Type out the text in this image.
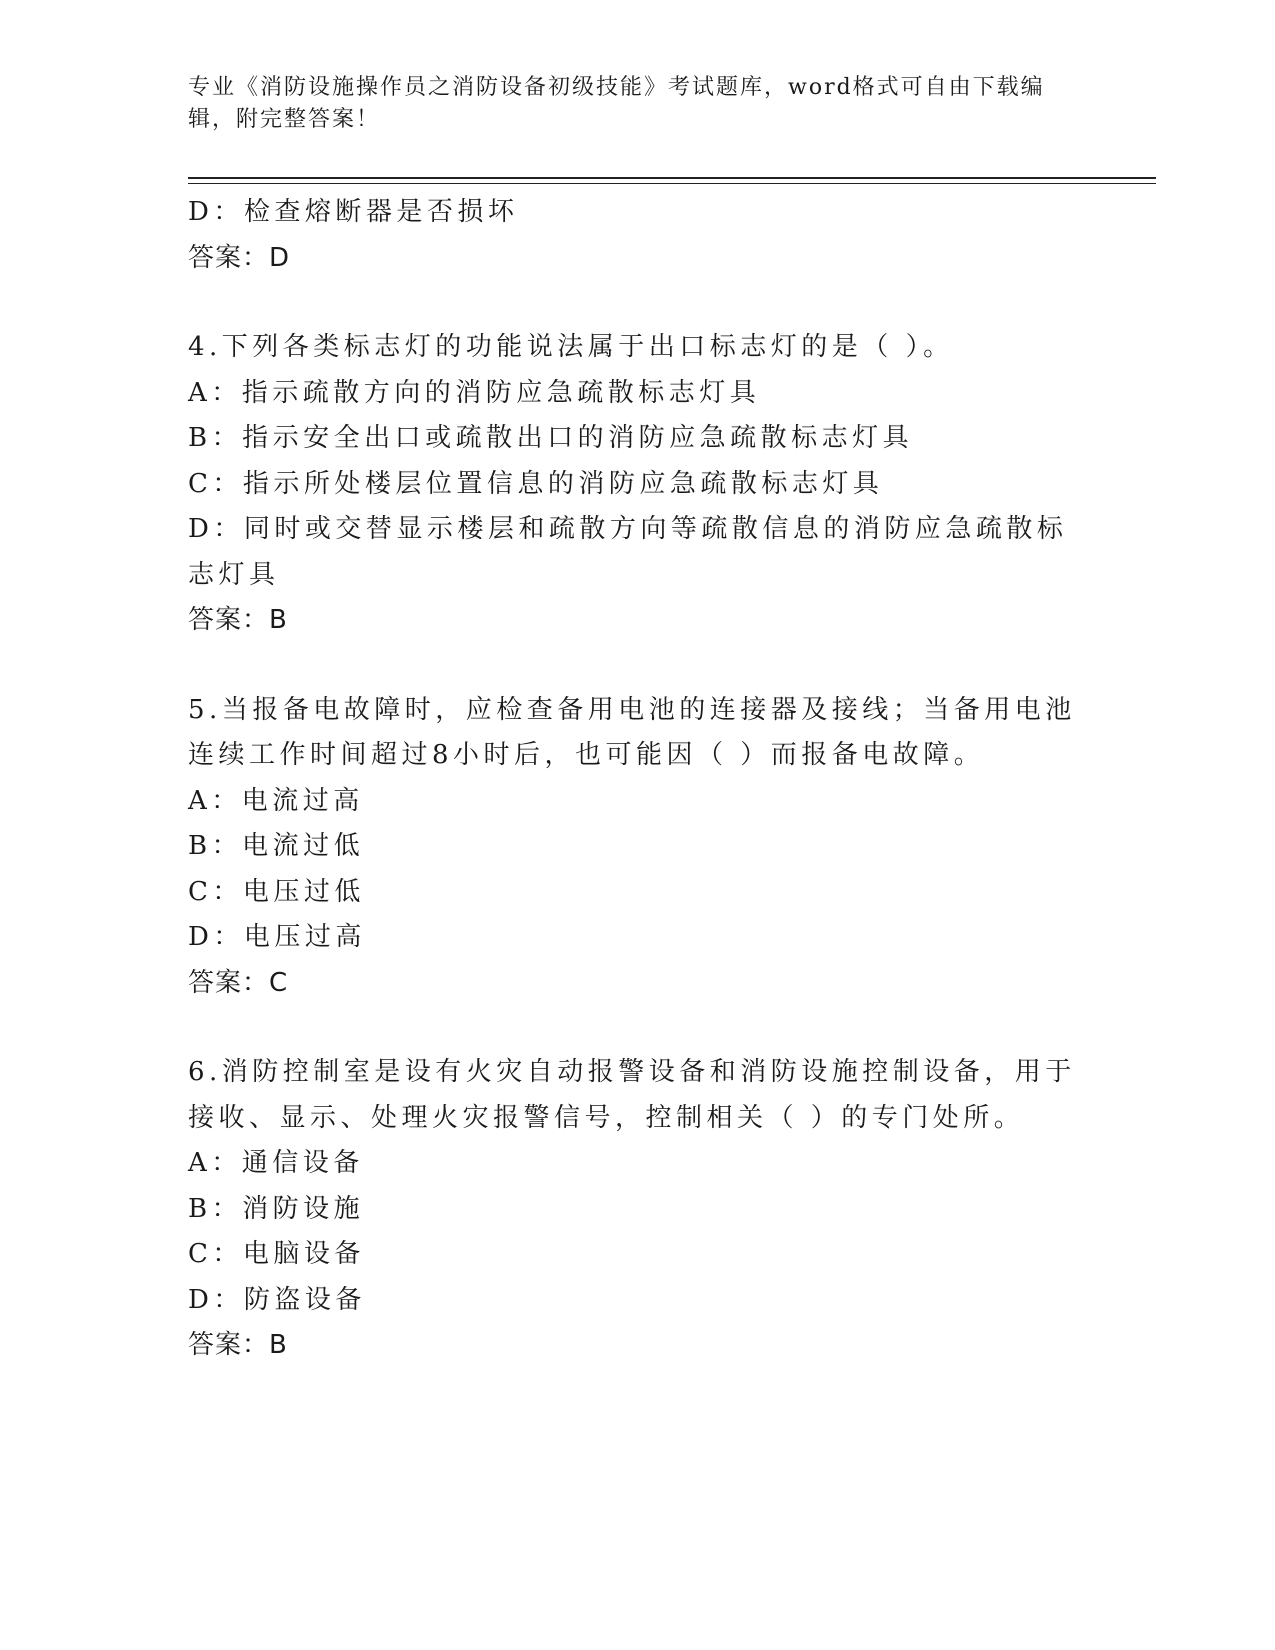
专业《消防设施操作员之消防设备初级技能》考试题库，word格式可自由下载编辑，附完整答案！

D：检查熔断器是否损坏

答案：D

4.下列各类标志灯的功能说法属于出口标志灯的是（ ）。

A：指示疏散方向的消防应急疏散标志灯具

B：指示安全出口或疏散出口的消防应急疏散标志灯具

C：指示所处楼层位置信息的消防应急疏散标志灯具

D：同时或交替显示楼层和疏散方向等疏散信息的消防应急疏散标志灯具

答案：B

5.当报备电故障时，应检查备用电池的连接器及接线；当备用电池连续工作时间超过8小时后，也可能因（ ）而报备电故障。

A：电流过高

B：电流过低

C：电压过低

D：电压过高

答案：C

6.消防控制室是设有火灾自动报警设备和消防设施控制设备，用于接收、显示、处理火灾报警信号，控制相关（ ）的专门处所。

A：通信设备

B：消防设施

C：电脑设备

D：防盗设备

答案：B
